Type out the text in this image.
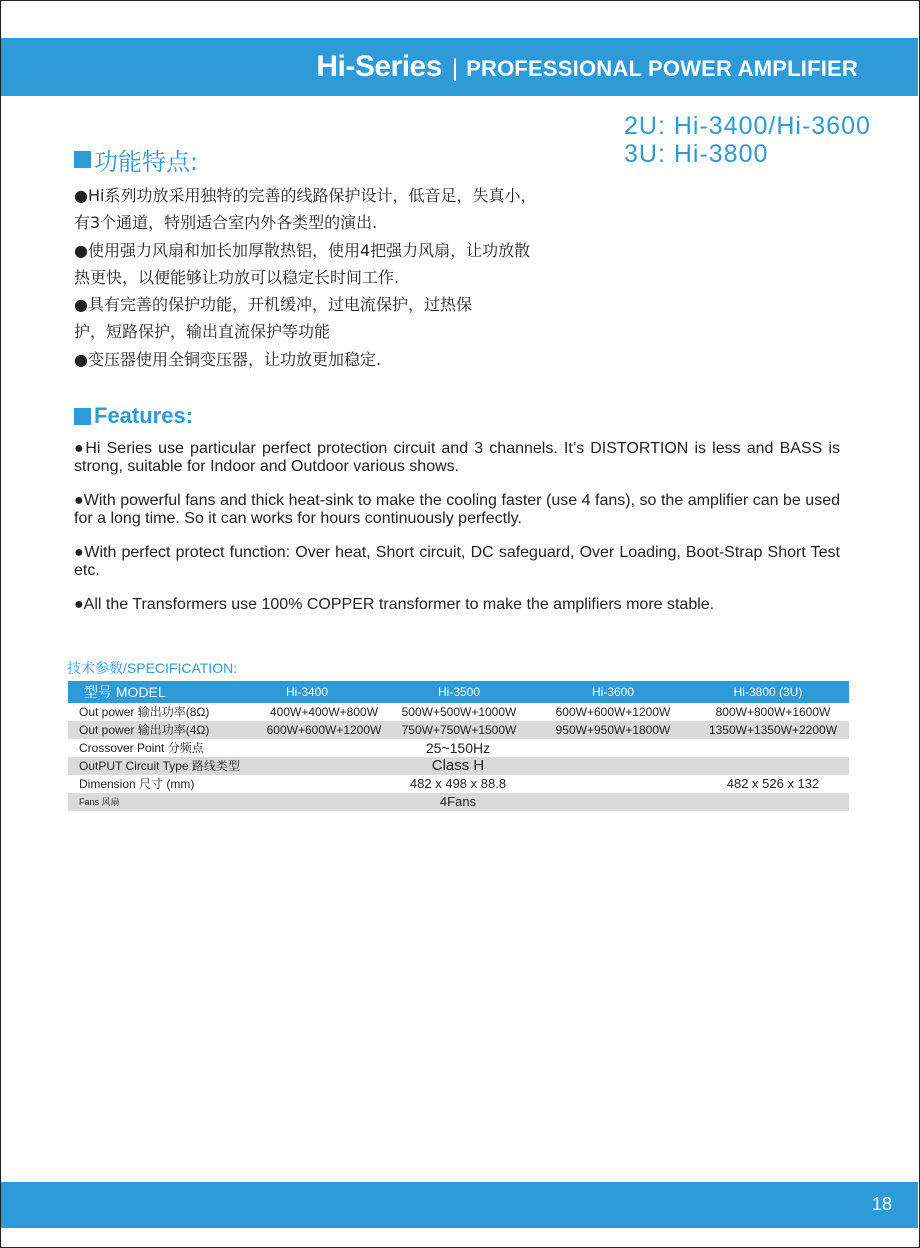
Hi-Series | PROFESSIONAL POWER AMPLIFIER
2U: Hi-3400/Hi-3600
3U: Hi-3800
功能特点:

●Hi系列功放采用独特的完善的线路保护设计，低音足，失真小，

有3个通道，特别适合室内外各类型的演出.

●使用强力风扇和加长加厚散热铝，使用4把强力风扇，让功放散

热更快，以便能够让功放可以稳定长时间工作.

●具有完善的保护功能，开机缓冲，过电流保护，过热保

护，短路保护，输出直流保护等功能

●变压器使用全铜变压器，让功放更加稳定.

Features:

●Hi Series use particular perfect protection circuit and 3 channels. It’s DISTORTION is less and BASS is strong, suitable for Indoor and Outdoor various shows.

●With powerful fans and thick heat-sink to make the cooling faster (use 4 fans), so the amplifier can be used for a long time. So it can works for hours continuously perfectly.

●With perfect protect function: Over heat, Short circuit, DC safeguard, Over Loading, Boot-Strap Short Test etc.

●All the Transformers use 100% COPPER transformer to make the amplifiers more stable.

技术参数/SPECIFICATION:
型号 MODEL	Hi-3400	Hi-3500	Hi-3600	Hi-3800 (3U)
Out power 输出功率(8Ω)	400W+400W+800W	500W+500W+1000W	600W+600W+1200W	800W+800W+1600W
Out power 输出功率(4Ω)	600W+600W+1200W	750W+750W+1500W	950W+950W+1800W	1350W+1350W+2200W
Crossover Point 分频点	25~150Hz
OutPUT Circuit Type 路线类型	Class H
Dimension 尺寸 (mm)	482 x 498 x 88.8	482 x 526 x 132
Fans 风扇	4Fans
18
